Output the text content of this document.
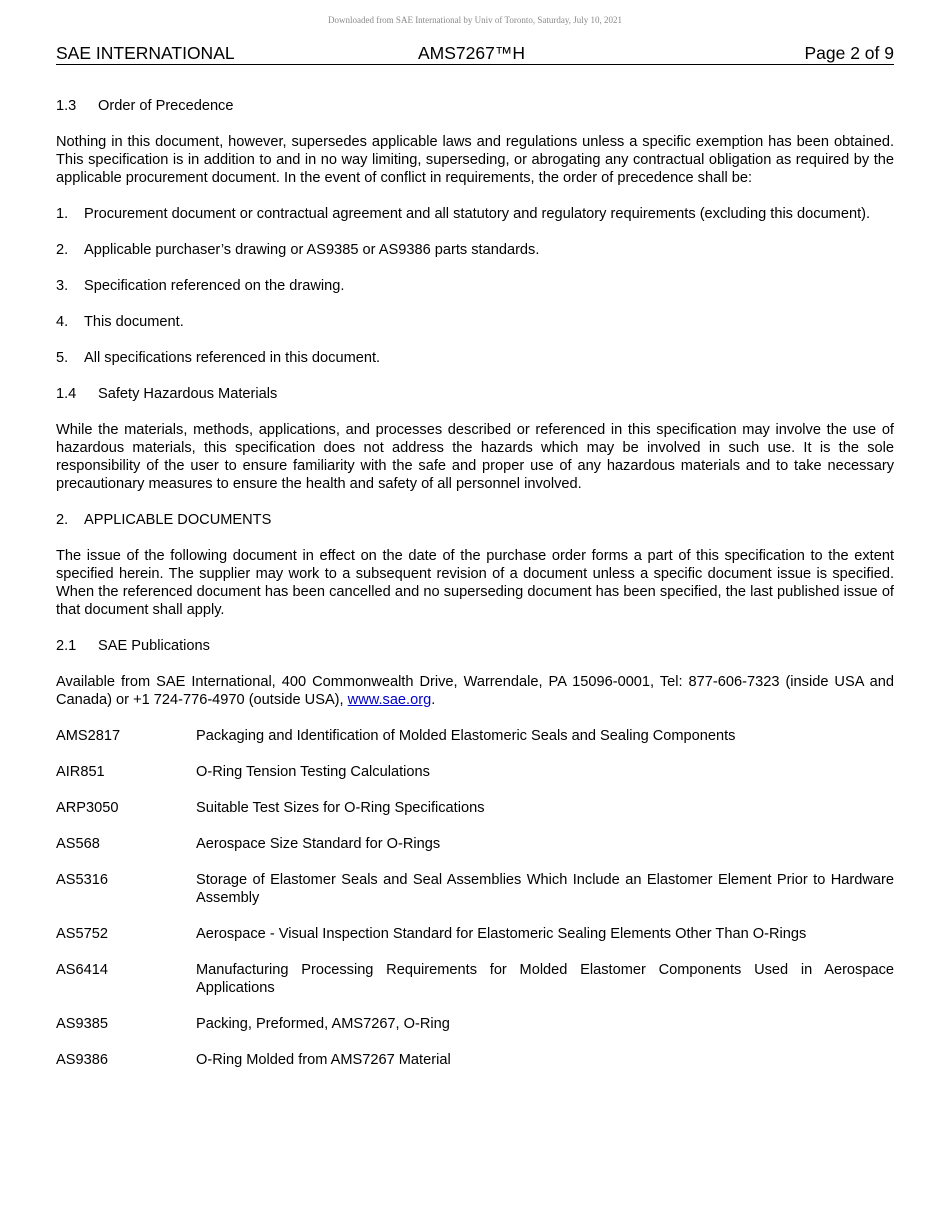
Downloaded from SAE International by Univ of Toronto, Saturday, July 10, 2021
SAE INTERNATIONAL	AMS7267™H	Page 2 of 9
1.3 Order of Precedence

Nothing in this document, however, supersedes applicable laws and regulations unless a specific exemption has been obtained. This specification is in addition to and in no way limiting, superseding, or abrogating any contractual obligation as required by the applicable procurement document. In the event of conflict in requirements, the order of precedence shall be:

1.	Procurement document or contractual agreement and all statutory and regulatory requirements (excluding this document).
2.	Applicable purchaser’s drawing or AS9385 or AS9386 parts standards.
3.	Specification referenced on the drawing.
4.	This document.
5.	All specifications referenced in this document.
1.4 Safety Hazardous Materials

While the materials, methods, applications, and processes described or referenced in this specification may involve the use of hazardous materials, this specification does not address the hazards which may be involved in such use. It is the sole responsibility of the user to ensure familiarity with the safe and proper use of any hazardous materials and to take necessary precautionary measures to ensure the health and safety of all personnel involved.

2. APPLICABLE DOCUMENTS

The issue of the following document in effect on the date of the purchase order forms a part of this specification to the extent specified herein. The supplier may work to a subsequent revision of a document unless a specific document issue is specified. When the referenced document has been cancelled and no superseding document has been specified, the last published issue of that document shall apply.

2.1 SAE Publications

Available from SAE International, 400 Commonwealth Drive, Warrendale, PA 15096-0001, Tel: 877-606-7323 (inside USA and Canada) or +1 724-776-4970 (outside USA), www.sae.org.

AMS2817	Packaging and Identification of Molded Elastomeric Seals and Sealing Components
AIR851	O-Ring Tension Testing Calculations
ARP3050	Suitable Test Sizes for O-Ring Specifications
AS568	Aerospace Size Standard for O-Rings
AS5316	Storage of Elastomer Seals and Seal Assemblies Which Include an Elastomer Element Prior to Hardware Assembly
AS5752	Aerospace - Visual Inspection Standard for Elastomeric Sealing Elements Other Than O-Rings
AS6414	Manufacturing Processing Requirements for Molded Elastomer Components Used in Aerospace Applications
AS9385	Packing, Preformed, AMS7267, O-Ring
AS9386	O-Ring Molded from AMS7267 Material
